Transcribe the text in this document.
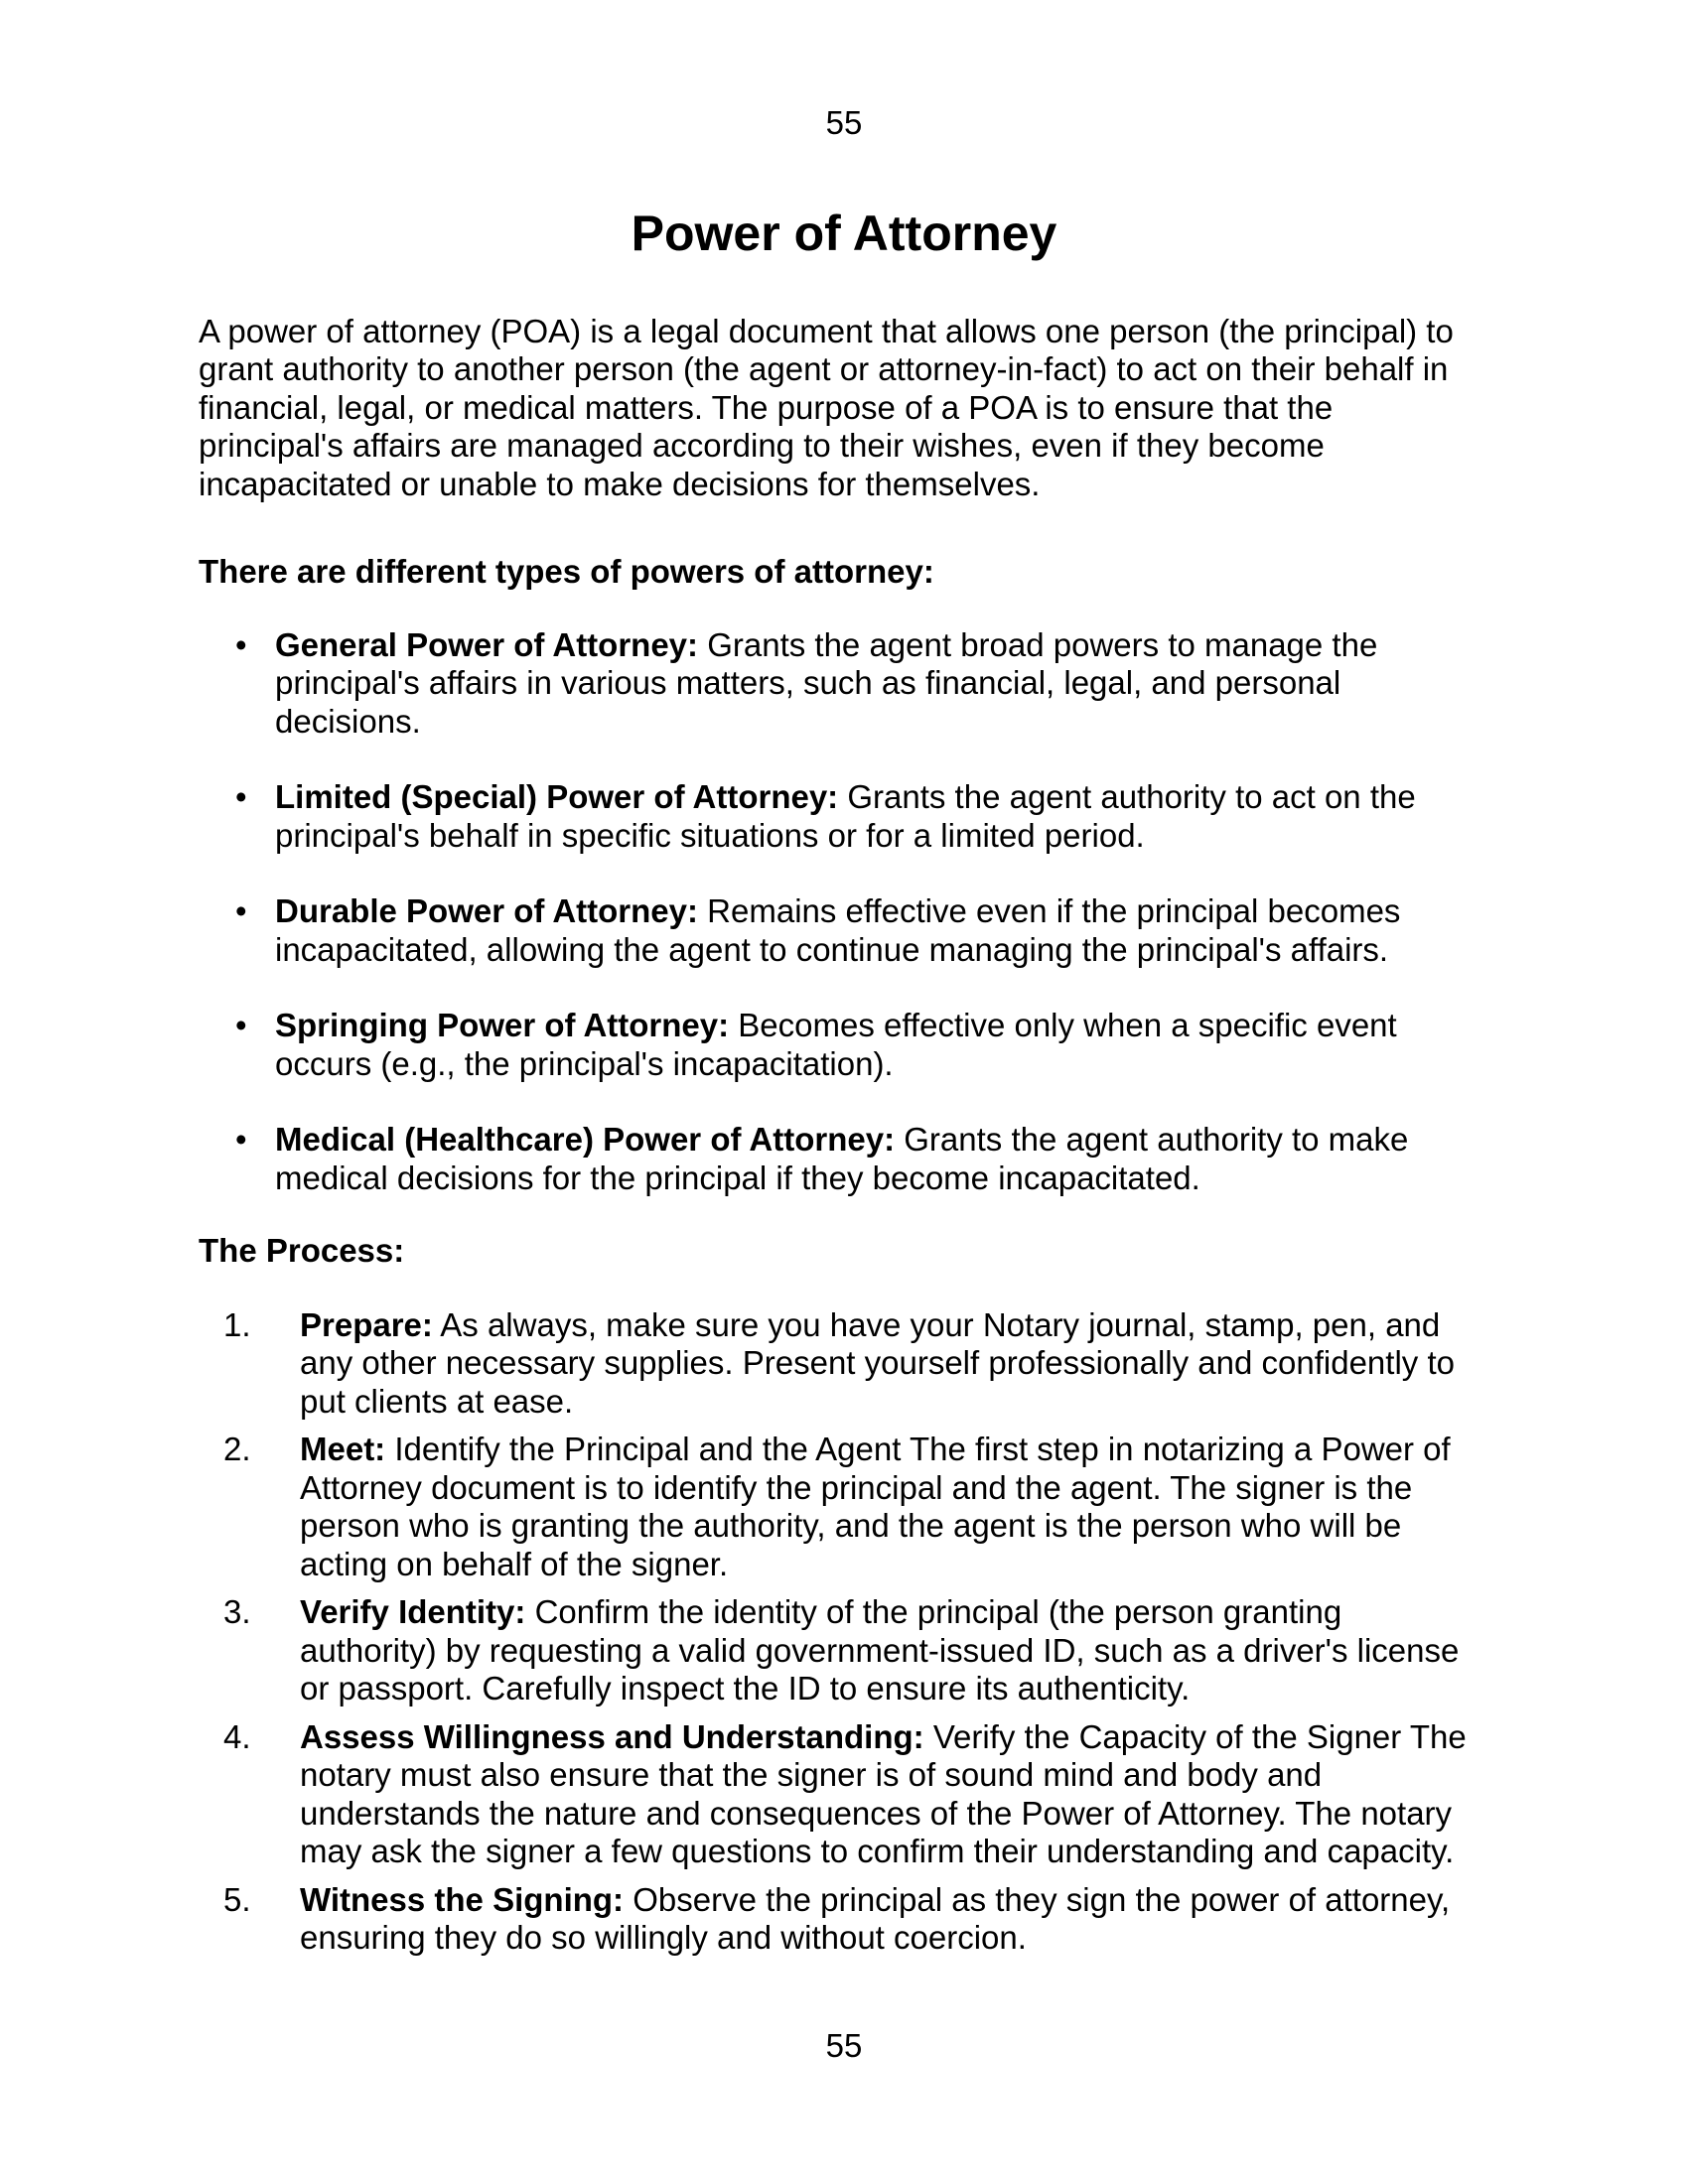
55
Power of Attorney

A power of attorney (POA) is a legal document that allows one person (the principal) to grant authority to another person (the agent or attorney-in-fact) to act on their behalf in financial, legal, or medical matters. The purpose of a POA is to ensure that the principal's affairs are managed according to their wishes, even if they become incapacitated or unable to make decisions for themselves.

There are different types of powers of attorney:
• General Power of Attorney: Grants the agent broad powers to manage the principal's affairs in various matters, such as financial, legal, and personal decisions.
• Limited (Special) Power of Attorney: Grants the agent authority to act on the principal's behalf in specific situations or for a limited period.
• Durable Power of Attorney: Remains effective even if the principal becomes incapacitated, allowing the agent to continue managing the principal's affairs.
• Springing Power of Attorney: Becomes effective only when a specific event occurs (e.g., the principal's incapacitation).
• Medical (Healthcare) Power of Attorney: Grants the agent authority to make medical decisions for the principal if they become incapacitated.
The Process:
1. Prepare: As always, make sure you have your Notary journal, stamp, pen, and any other necessary supplies. Present yourself professionally and confidently to put clients at ease.
2. Meet: Identify the Principal and the Agent The first step in notarizing a Power of Attorney document is to identify the principal and the agent. The signer is the person who is granting the authority, and the agent is the person who will be acting on behalf of the signer.
3. Verify Identity: Confirm the identity of the principal (the person granting authority) by requesting a valid government-issued ID, such as a driver's license or passport. Carefully inspect the ID to ensure its authenticity.
4. Assess Willingness and Understanding: Verify the Capacity of the Signer The notary must also ensure that the signer is of sound mind and body and understands the nature and consequences of the Power of Attorney. The notary may ask the signer a few questions to confirm their understanding and capacity.
5. Witness the Signing: Observe the principal as they sign the power of attorney, ensuring they do so willingly and without coercion.
55
